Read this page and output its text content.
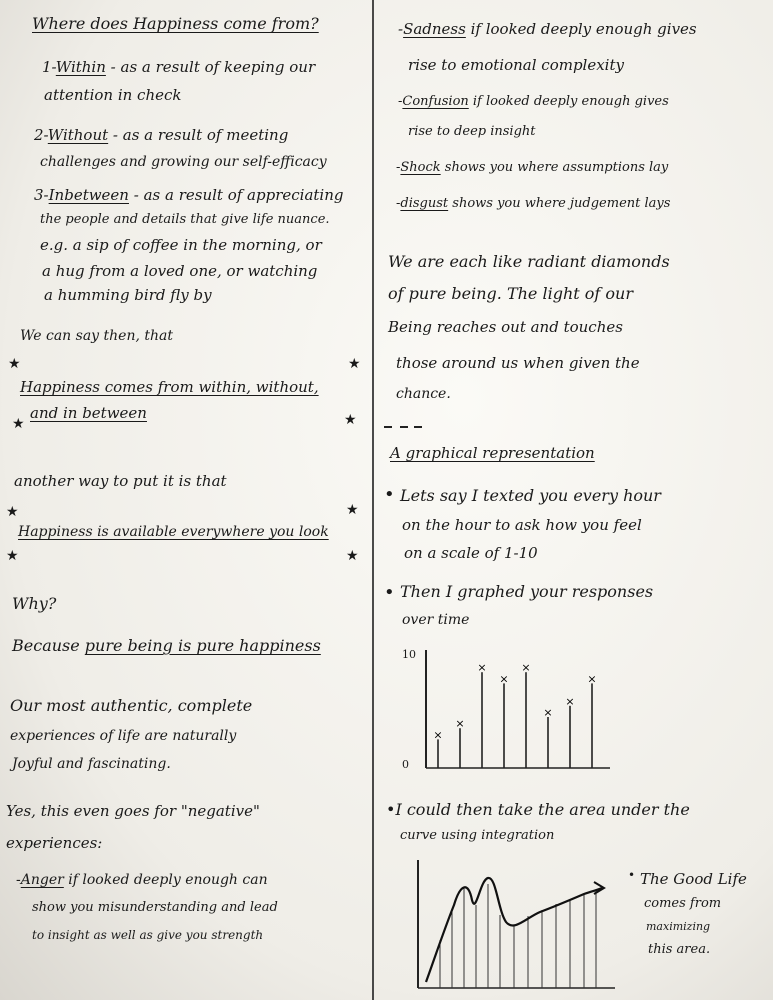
Where does Happiness come from?
1-Within - as a result of keeping our
attention in check
2-Without - as a result of meeting
challenges and growing our self-efficacy
3-Inbetween - as a result of appreciating
the people and details that give life nuance.
e.g. a sip of coffee in the morning, or
a hug from a loved one, or watching
a humming bird fly by
We can say then, that
★	★
Happiness comes from within, without,
and in between
★	★
another way to put it is that
★	★
Happiness is available everywhere you look
★	★
Why?
Because pure being is pure happiness
Our most authentic, complete
experiences of life are naturally
Joyful and fascinating.
Yes, this even goes for "negative"
experiences:
-Anger if looked deeply enough can
show you misunderstanding and lead
to insight as well as give you strength
-Sadness if looked deeply enough gives
rise to emotional complexity
-Confusion if looked deeply enough gives
rise to deep insight
-Shock shows you where assumptions lay
-disgust shows you where judgement lays
We are each like radiant diamonds
of pure being. The light of our
Being reaches out and touches
those around us when given the
chance.
A graphical representation
• Lets say I texted you every hour
on the hour to ask how you feel
on a scale of 1-10
• Then I graphed your responses
over time
10
0
×
×
×
×
×
×
×
×
•I could then take the area under the
curve using integration
• The Good Life
comes from
maximizing
this area.
